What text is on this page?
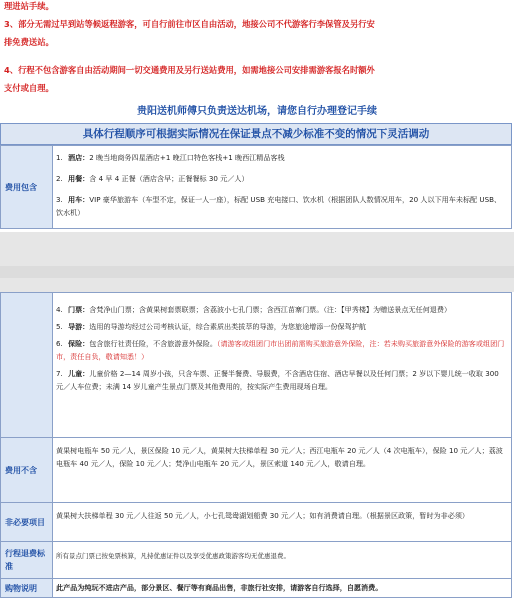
理进站手续。
3、部分无需过早到站等候返程游客，可自行前往市区自由活动，地接公司不代游客行李保管及另行安
排免费送站。
4、行程不包含游客自由活动期间一切交通费用及另行送站费用，如需地接公司安排需游客报名时额外
支付或自理。
贵阳送机师傅只负责送达机场，请您自行办理登记手续
具体行程顺序可根据实际情况在保证景点不减少标准不变的情况下灵活调动
费用包含	
1. 酒店：2 晚当地商务四星酒店+1 晚江口特色客栈+1 晚西江精品客栈
2. 用餐：含 4 早 4 正餐（酒店含早；正餐餐标 30 元／人）
3. 用车：VIP 豪华旅游车（车型不定，保证一人一座），标配 USB 充电接口、饮水机（根据团队人数情况用车，20 人以下用车未标配 USB、饮水机）

	4. 门票：含梵净山门票；含黄果树套票联票；含荔波小七孔门票；含西江苗寨门票。（注：【甲秀楼】为赠送景点无任何退费）
5. 导游：选用的导游均经过公司考核认证，综合素质出类拔萃的导游，为您旅途增添一份保驾护航
6. 保险：包含旅行社责任险，不含旅游意外保险。（请游客或组团门市出团前需购买旅游意外保险，注：若未购买旅游意外保险的游客或组团门市，责任自负，敬请知悉！）
7. 儿童：儿童价格 2—14 周岁小孩，只含车票、正餐半餐费、导服费，不含酒店住宿、酒店早餐以及任何门票；2 岁以下婴儿统一收取 300 元／人车位费；未满 14 岁儿童产生景点门票及其他费用的，按实际产生费用现场自理。

费用不含	黄果树电瓶车 50 元／人，景区保险 10 元／人，黄果树大扶梯单程 30 元／人；西江电瓶车 20 元／人（4 次电瓶车），保险 10 元／人；荔波电瓶车 40 元／人，保险 10 元／人；梵净山电瓶车 20 元／人，景区索道 140 元／人，敬请自理。
非必要项目	黄果树大扶梯单程 30 元／人往返 50 元／人，小七孔鸳鸯湖划船费 30 元／人；如有消费请自理。（根据景区政策，暂时为非必须）
行程退费标准	所有景点门票已按免票核算，凡持优惠证件以及享受优惠政策游客均无优惠退费。
购物说明	此产品为纯玩不进店产品，部分景区、餐厅等有商品出售，非旅行社安排，请游客自行选择，自愿消费。
